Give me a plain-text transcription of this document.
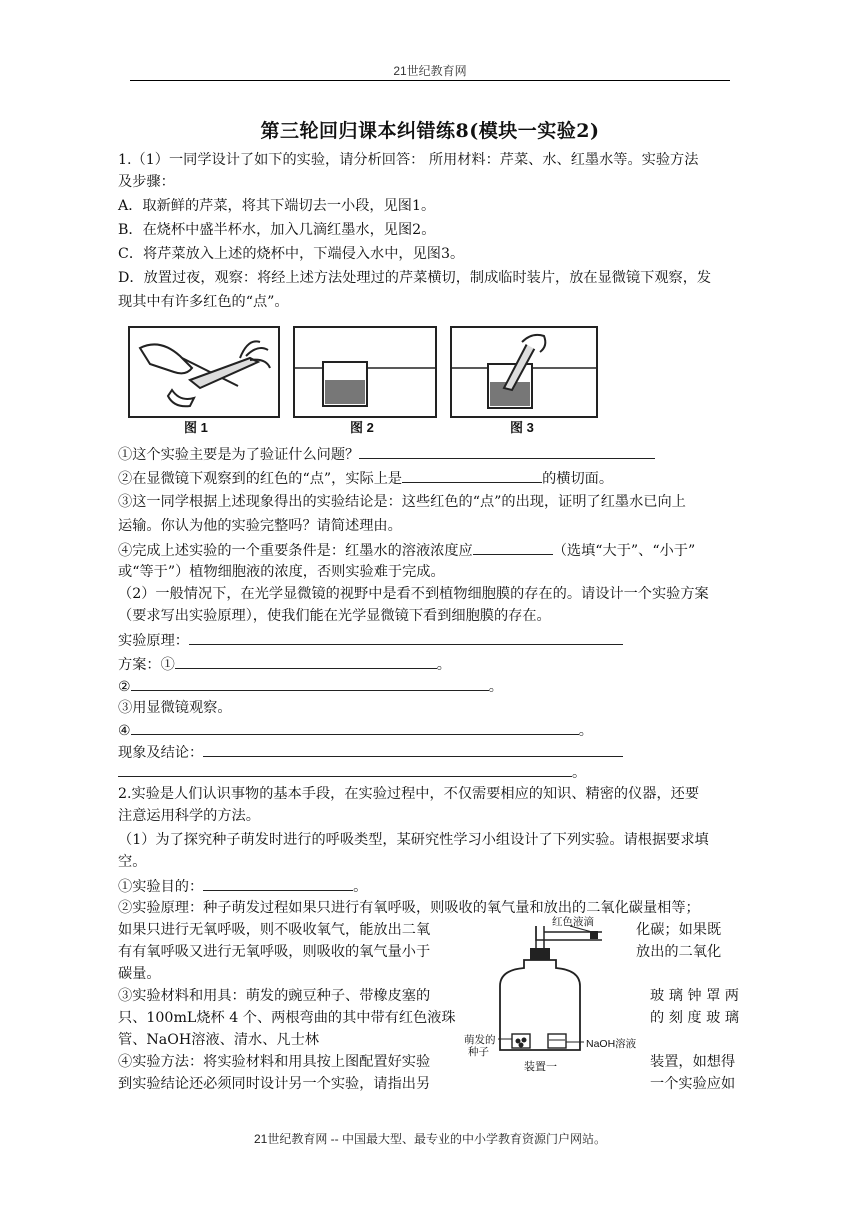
21世纪教育网
第三轮回归课本纠错练8(模块一实验2)
1.（1）一同学设计了如下的实验，请分析回答： 所用材料：芹菜、水、红墨水等。实验方法
及步骤：
A．取新鲜的芹菜，将其下端切去一小段，见图1。
B．在烧杯中盛半杯水，加入几滴红墨水，见图2。
C．将芹菜放入上述的烧杯中，下端侵入水中，见图3。
D．放置过夜，观察：将经上述方法处理过的芹菜横切，制成临时装片，放在显微镜下观察，发
现其中有许多红色的“点”。
图 1	图 2	图 3
①这个实验主要是为了验证什么问题？
②在显微镜下观察到的红色的“点”，实际上是	的横切面。
③这一同学根据上述现象得出的实验结论是：这些红色的“点”的出现，证明了红墨水已向上
运输。你认为他的实验完整吗？请简述理由。
④完成上述实验的一个重要条件是：红墨水的溶液浓度应	（选填“大于”、“小于”
或“等于”）植物细胞液的浓度，否则实验难于完成。
（2）一般情况下，在光学显微镜的视野中是看不到植物细胞膜的存在的。请设计一个实验方案
（要求写出实验原理），使我们能在光学显微镜下看到细胞膜的存在。
实验原理：
方案：①	。
②	。
③用显微镜观察。
④	。
现象及结论：
。
2.实验是人们认识事物的基本手段，在实验过程中，不仅需要相应的知识、精密的仪器，还要
注意运用科学的方法。
（1）为了探究种子萌发时进行的呼吸类型，某研究性学习小组设计了下列实验。请根据要求填
空。
①实验目的：	。
②实验原理：种子萌发过程如果只进行有氧呼吸，则吸收的氧气量和放出的二氧化碳量相等；
如果只进行无氧呼吸，则不吸收氧气，能放出二氧	化碳；如果既
有有氧呼吸又进行无氧呼吸，则吸收的氧气量小于	放出的二氧化
碳量。
③实验材料和用具：萌发的豌豆种子、带橡皮塞的	玻 璃 钟 罩 两
只、100mL烧杯 4 个、两根弯曲的其中带有红色液珠	的 刻 度 玻 璃
管、NaOH溶液、清水、凡士林
④实验方法：将实验材料和用具按上图配置好实验	装置，如想得
到实验结论还必须同时设计另一个实验，请指出另	一个实验应如
红色液滴
萌发的
种子
NaOH溶液
装置一
21世纪教育网 -- 中国最大型、最专业的中小学教育资源门户网站。
